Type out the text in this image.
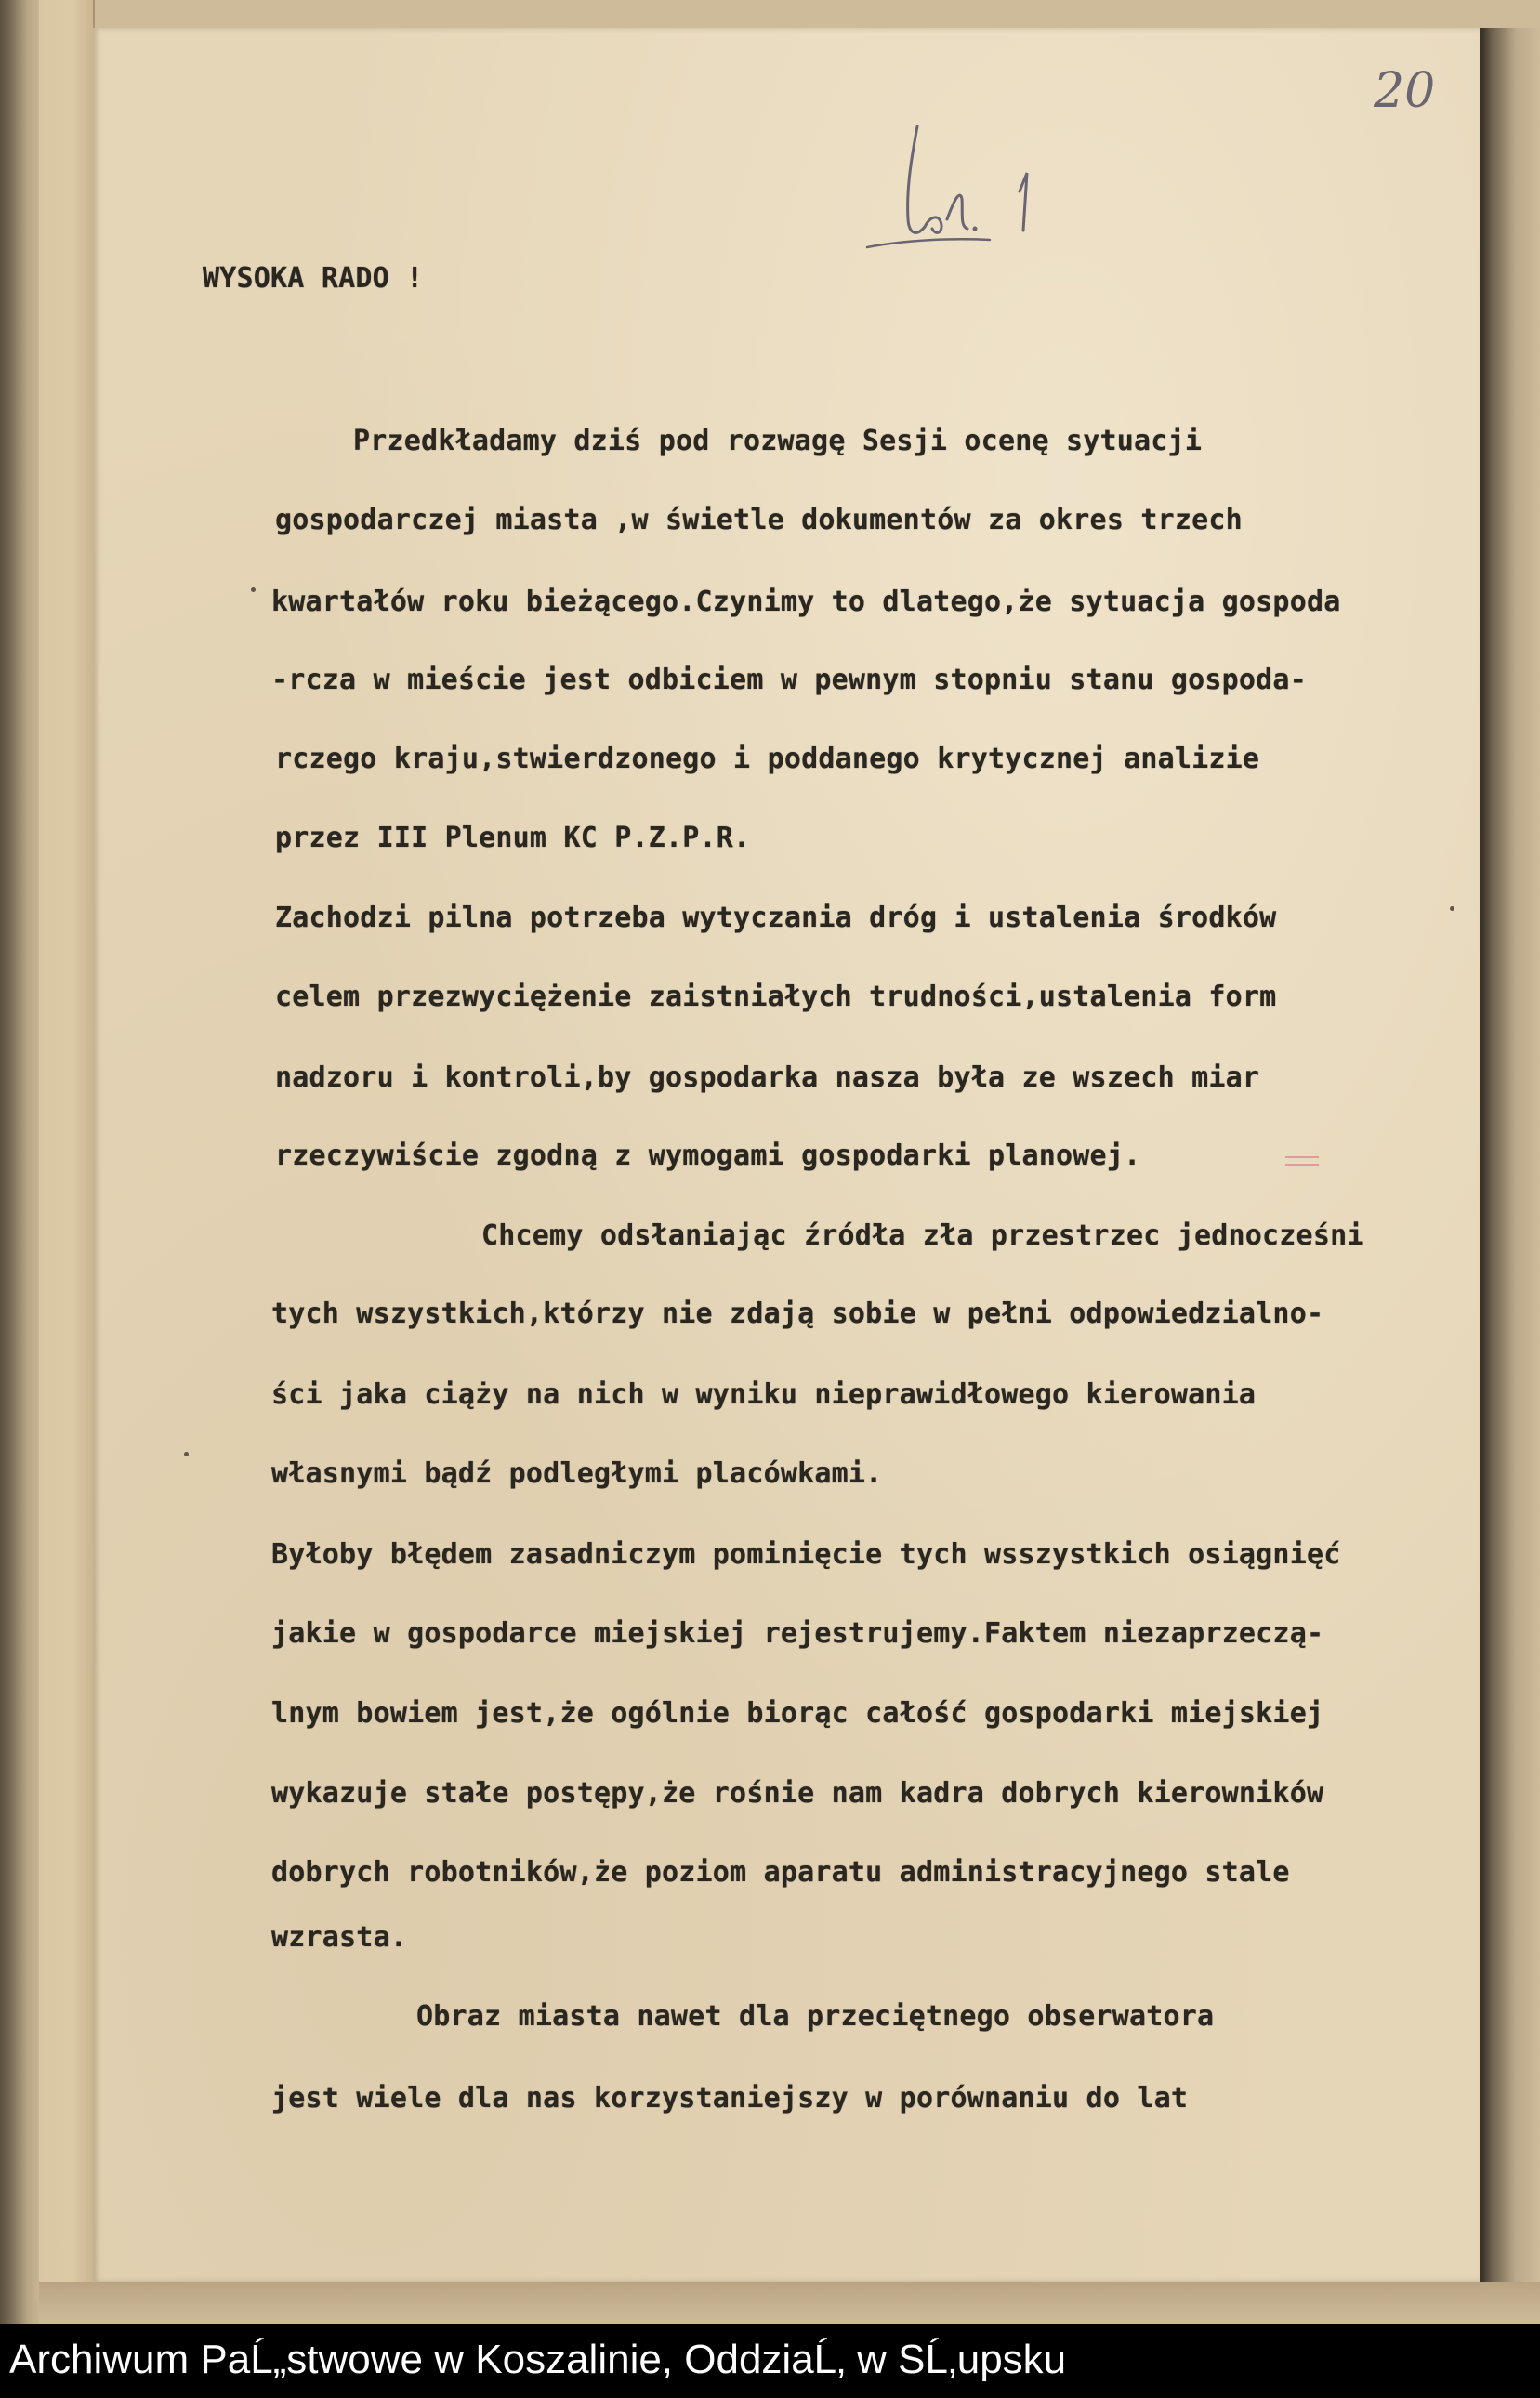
20
WYSOKA RADO !
Przedkładamy dziś pod rozwagę Sesji ocenę sytuacji
gospodarczej miasta ,w świetle dokumentów za okres trzech
kwartałów roku bieżącego.Czynimy to dlatego,że sytuacja gospoda
-rcza w mieście jest odbiciem w pewnym stopniu stanu gospoda-
rczego kraju,stwierdzonego i poddanego krytycznej analizie
przez III Plenum KC P.Z.P.R.
Zachodzi pilna potrzeba wytyczania dróg i ustalenia środków
celem przezwyciężenie zaistniałych trudności,ustalenia form
nadzoru i kontroli,by gospodarka nasza była ze wszech miar
rzeczywiście zgodną z wymogami gospodarki planowej.
Chcemy odsłaniając źródła zła przestrzec jednocześni
tych wszystkich,którzy nie zdają sobie w pełni odpowiedzialno-
ści jaka ciąży na nich w wyniku nieprawidłowego kierowania
własnymi bądź podległymi placówkami.
Byłoby błędem zasadniczym pominięcie tych wsszystkich osiągnięć
jakie w gospodarce miejskiej rejestrujemy.Faktem niezaprzeczą-
lnym bowiem jest,że ogólnie biorąc całość gospodarki miejskiej
wykazuje stałe postępy,że rośnie nam kadra dobrych kierowników
dobrych robotników,że poziom aparatu administracyjnego stale
wzrasta.
Obraz miasta nawet dla przeciętnego obserwatora
jest wiele dla nas korzystaniejszy w porównaniu do lat
Archiwum PaĹ„stwowe w Koszalinie, OddziaĹ‚ w SĹ‚upsku
